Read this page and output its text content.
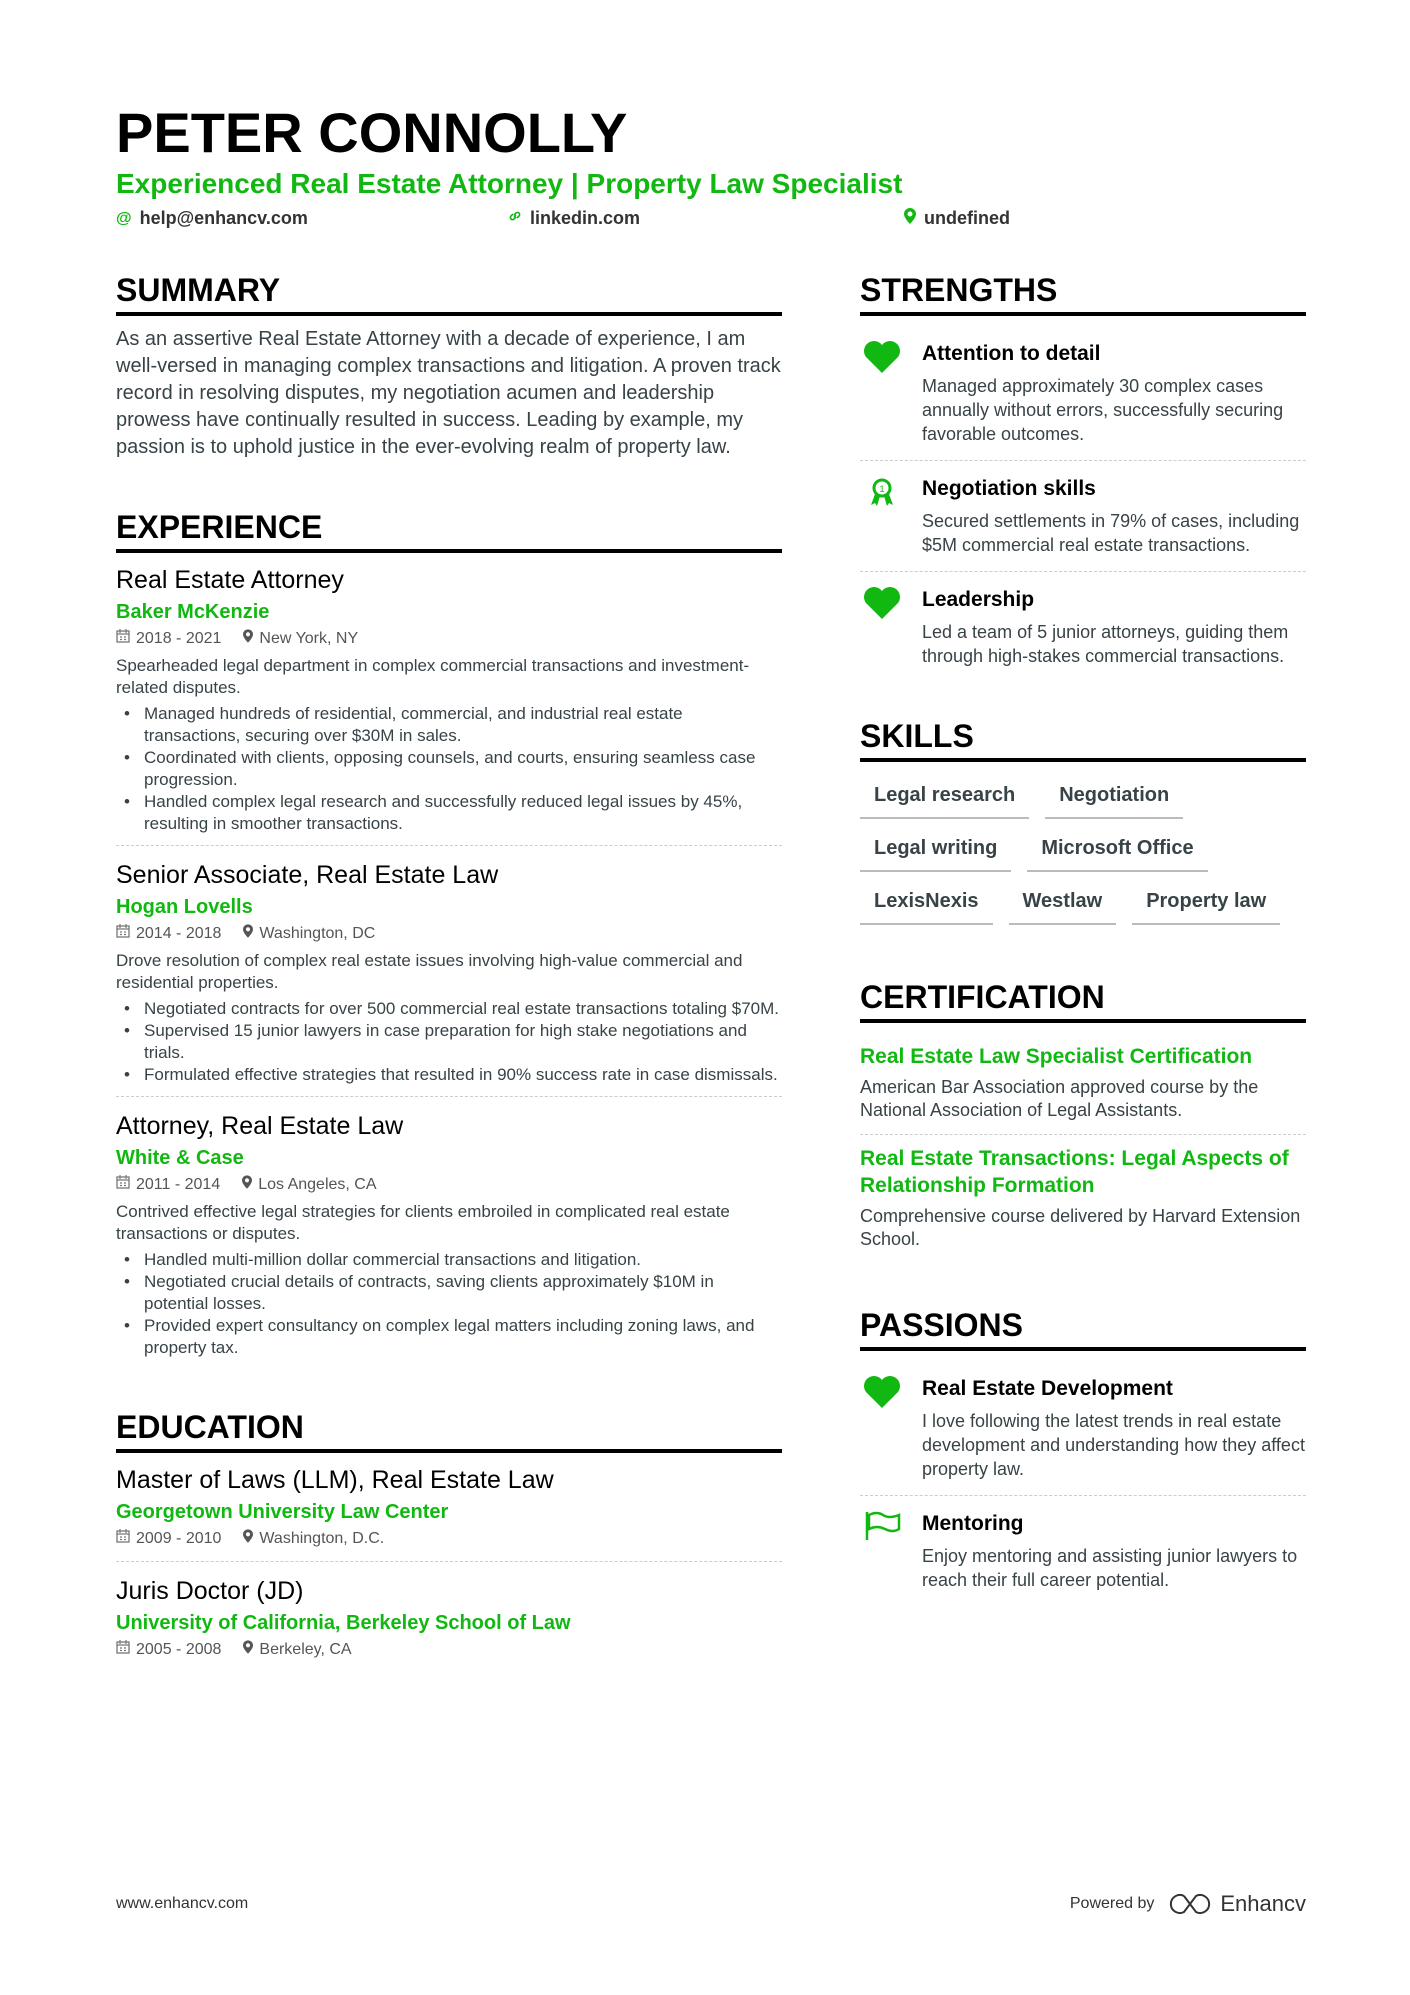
PETER CONNOLLY
Experienced Real Estate Attorney | Property Law Specialist
@ help@enhancv.com	linkedin.com	undefined
SUMMARY
As an assertive Real Estate Attorney with a decade of experience, I am well-versed in managing complex transactions and litigation. A proven track record in resolving disputes, my negotiation acumen and leadership prowess have continually resulted in success. Leading by example, my passion is to uphold justice in the ever-evolving realm of property law.
EXPERIENCE
Real Estate Attorney
Baker McKenzie
2018 - 2021	New York, NY
Spearheaded legal department in complex commercial transactions and investment-related disputes.
• Managed hundreds of residential, commercial, and industrial real estate transactions, securing over $30M in sales.
• Coordinated with clients, opposing counsels, and courts, ensuring seamless case progression.
• Handled complex legal research and successfully reduced legal issues by 45%, resulting in smoother transactions.
Senior Associate, Real Estate Law
Hogan Lovells
2014 - 2018	Washington, DC
Drove resolution of complex real estate issues involving high-value commercial and residential properties.
• Negotiated contracts for over 500 commercial real estate transactions totaling $70M.
• Supervised 15 junior lawyers in case preparation for high stake negotiations and trials.
• Formulated effective strategies that resulted in 90% success rate in case dismissals.
Attorney, Real Estate Law
White & Case
2011 - 2014	Los Angeles, CA
Contrived effective legal strategies for clients embroiled in complicated real estate transactions or disputes.
• Handled multi-million dollar commercial transactions and litigation.
• Negotiated crucial details of contracts, saving clients approximately $10M in potential losses.
• Provided expert consultancy on complex legal matters including zoning laws, and property tax.
EDUCATION
Master of Laws (LLM), Real Estate Law
Georgetown University Law Center
2009 - 2010	Washington, D.C.
Juris Doctor (JD)
University of California, Berkeley School of Law
2005 - 2008	Berkeley, CA
STRENGTHS
Attention to detail
Managed approximately 30 complex cases annually without errors, successfully securing favorable outcomes.
1 Negotiation skills
Secured settlements in 79% of cases, including $5M commercial real estate transactions.
Leadership
Led a team of 5 junior attorneys, guiding them through high-stakes commercial transactions.
SKILLS
Legal research	Negotiation
Legal writing	Microsoft Office
LexisNexis	Westlaw	Property law
CERTIFICATION
Real Estate Law Specialist Certification
American Bar Association approved course by the National Association of Legal Assistants.
Real Estate Transactions: Legal Aspects of Relationship Formation
Comprehensive course delivered by Harvard Extension School.
PASSIONS
Real Estate Development
I love following the latest trends in real estate development and understanding how they affect property law.
Mentoring
Enjoy mentoring and assisting junior lawyers to reach their full career potential.
www.enhancv.com	Powered by	Enhancv
